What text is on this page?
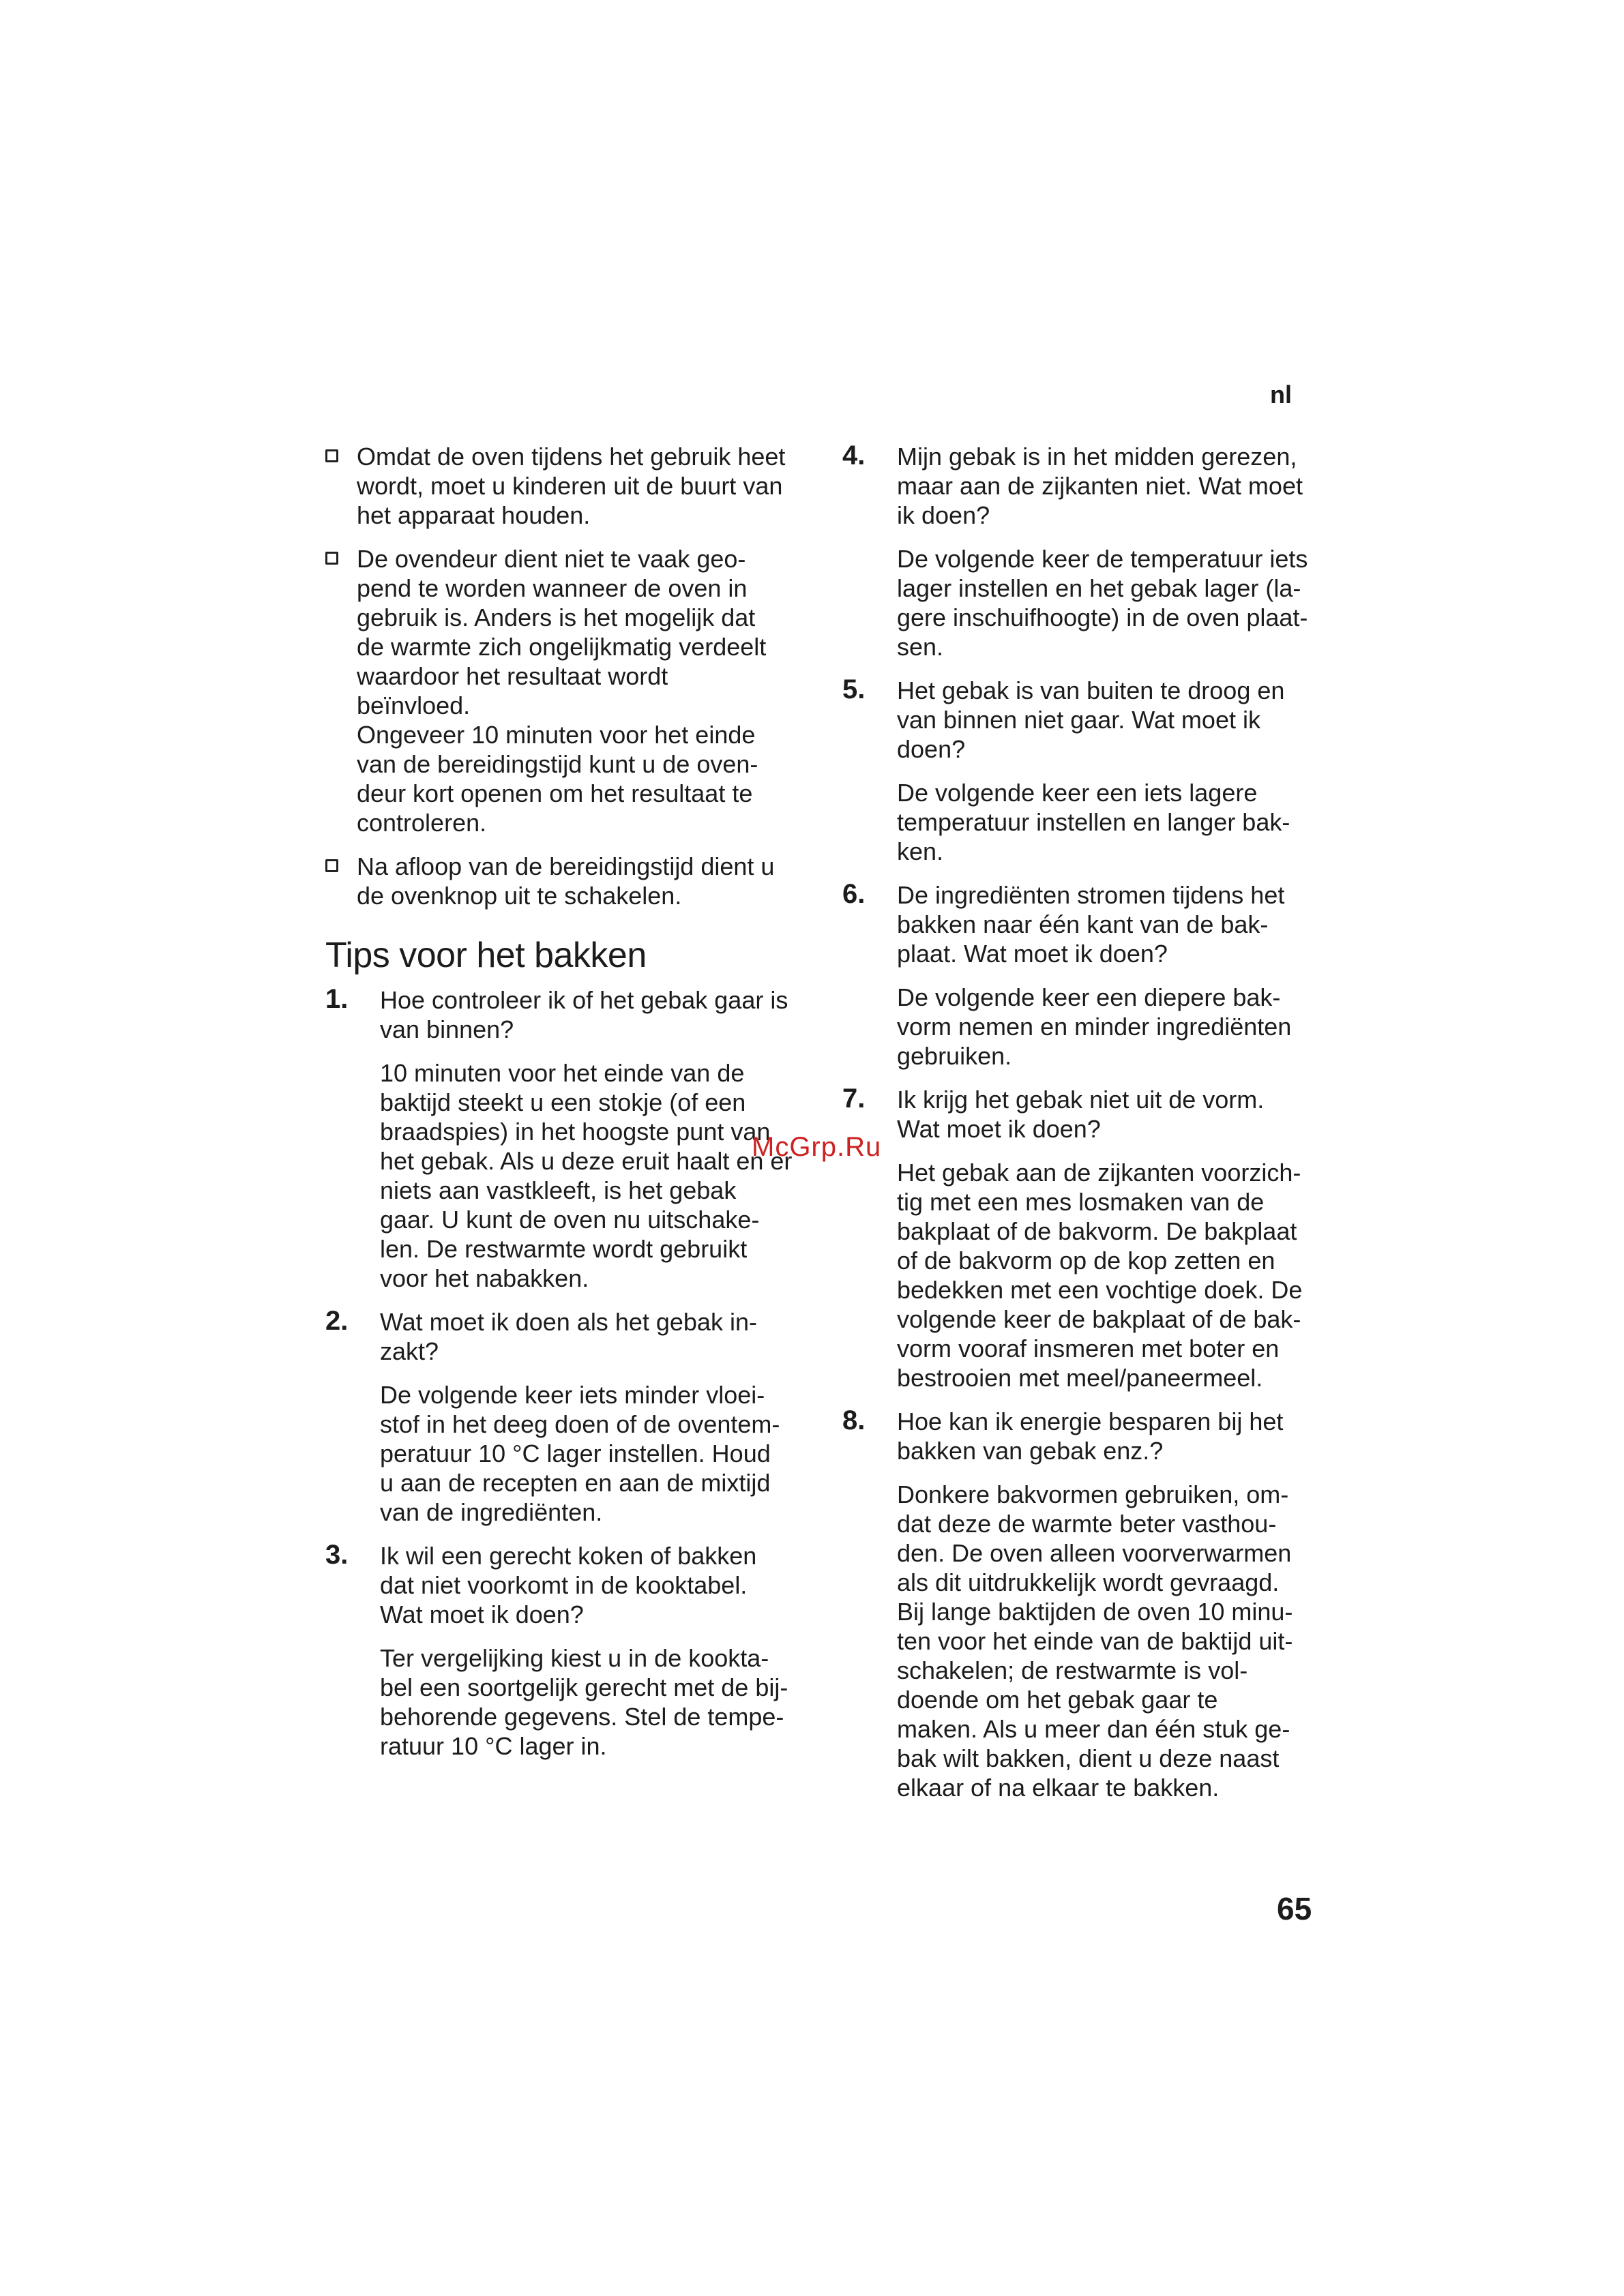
nl

Omdat de oven tijdens het gebruik heet
wordt, moet u kinderen uit de buurt van
het apparaat houden.

De ovendeur dient niet te vaak geo-
pend te worden wanneer de oven in
gebruik is. Anders is het mogelijk dat
de warmte zich ongelijkmatig verdeelt
waardoor het resultaat wordt
beïnvloed.
Ongeveer 10 minuten voor het einde
van de bereidingstijd kunt u de oven-
deur kort openen om het resultaat te
controleren.

Na afloop van de bereidingstijd dient u
de ovenknop uit te schakelen.

Tips voor het bakken
1. Hoe controleer ik of het gebak gaar is
van binnen?

10 minuten voor het einde van de
baktijd steekt u een stokje (of een
braadspies) in het hoogste punt van
het gebak. Als u deze eruit haalt en er
niets aan vastkleeft, is het gebak
gaar. U kunt de oven nu uitschake-
len. De restwarmte wordt gebruikt
voor het nabakken.

2. Wat moet ik doen als het gebak in-
zakt?

De volgende keer iets minder vloei-
stof in het deeg doen of de oventem-
peratuur 10 °C lager instellen. Houd
u aan de recepten en aan de mixtijd
van de ingrediënten.

3. Ik wil een gerecht koken of bakken
dat niet voorkomt in de kooktabel.
Wat moet ik doen?

Ter vergelijking kiest u in de kookta-
bel een soortgelijk gerecht met de bij-
behorende gegevens. Stel de tempe-
ratuur 10 °C lager in.

4. Mijn gebak is in het midden gerezen,
maar aan de zijkanten niet. Wat moet
ik doen?

De volgende keer de temperatuur iets
lager instellen en het gebak lager (la-
gere inschuifhoogte) in de oven plaat-
sen.

5. Het gebak is van buiten te droog en
van binnen niet gaar. Wat moet ik
doen?

De volgende keer een iets lagere
temperatuur instellen en langer bak-
ken.

6. De ingrediënten stromen tijdens het
bakken naar één kant van de bak-
plaat. Wat moet ik doen?

De volgende keer een diepere bak-
vorm nemen en minder ingrediënten
gebruiken.

7. Ik krijg het gebak niet uit de vorm.
Wat moet ik doen?

Het gebak aan de zijkanten voorzich-
tig met een mes losmaken van de
bakplaat of de bakvorm. De bakplaat
of de bakvorm op de kop zetten en
bedekken met een vochtige doek. De
volgende keer de bakplaat of de bak-
vorm vooraf insmeren met boter en
bestrooien met meel/paneermeel.

8. Hoe kan ik energie besparen bij het
bakken van gebak enz.?

Donkere bakvormen gebruiken, om-
dat deze de warmte beter vasthou-
den. De oven alleen voorverwarmen
als dit uitdrukkelijk wordt gevraagd.
Bij lange baktijden de oven 10 minu-
ten voor het einde van de baktijd uit-
schakelen; de restwarmte is vol-
doende om het gebak gaar te
maken. Als u meer dan één stuk ge-
bak wilt bakken, dient u deze naast
elkaar of na elkaar te bakken.

McGrp.Ru
65
